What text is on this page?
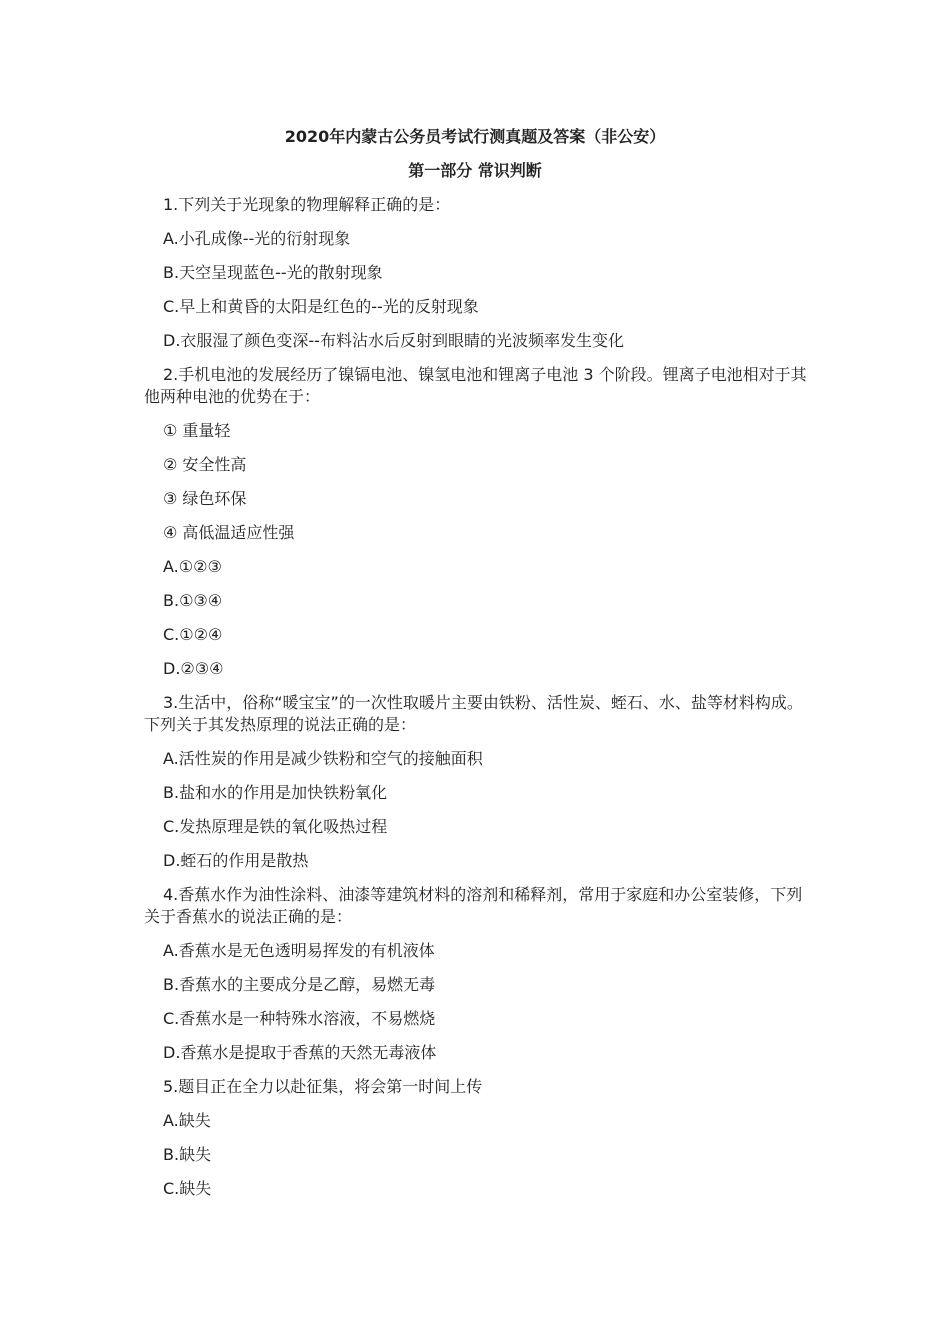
2020年内蒙古公务员考试行测真题及答案（非公安）
第一部分 常识判断

1.下列关于光现象的物理解释正确的是：

A.小孔成像--光的衍射现象

B.天空呈现蓝色--光的散射现象

C.早上和黄昏的太阳是红色的--光的反射现象

D.衣服湿了颜色变深--布料沾水后反射到眼睛的光波频率发生变化

2.手机电池的发展经历了镍镉电池、镍氢电池和锂离子电池 3 个阶段。锂离子电池相对于其他两种电池的优势在于：

① 重量轻

② 安全性高

③ 绿色环保

④ 高低温适应性强

A.①②③

B.①③④

C.①②④

D.②③④

3.生活中，俗称“暖宝宝”的一次性取暖片主要由铁粉、活性炭、蛭石、水、盐等材料构成。下列关于其发热原理的说法正确的是：

A.活性炭的作用是减少铁粉和空气的接触面积

B.盐和水的作用是加快铁粉氧化

C.发热原理是铁的氧化吸热过程

D.蛭石的作用是散热

4.香蕉水作为油性涂料、油漆等建筑材料的溶剂和稀释剂，常用于家庭和办公室装修，下列关于香蕉水的说法正确的是：

A.香蕉水是无色透明易挥发的有机液体

B.香蕉水的主要成分是乙醇，易燃无毒

C.香蕉水是一种特殊水溶液，不易燃烧

D.香蕉水是提取于香蕉的天然无毒液体

5.题目正在全力以赴征集，将会第一时间上传

A.缺失

B.缺失

C.缺失
